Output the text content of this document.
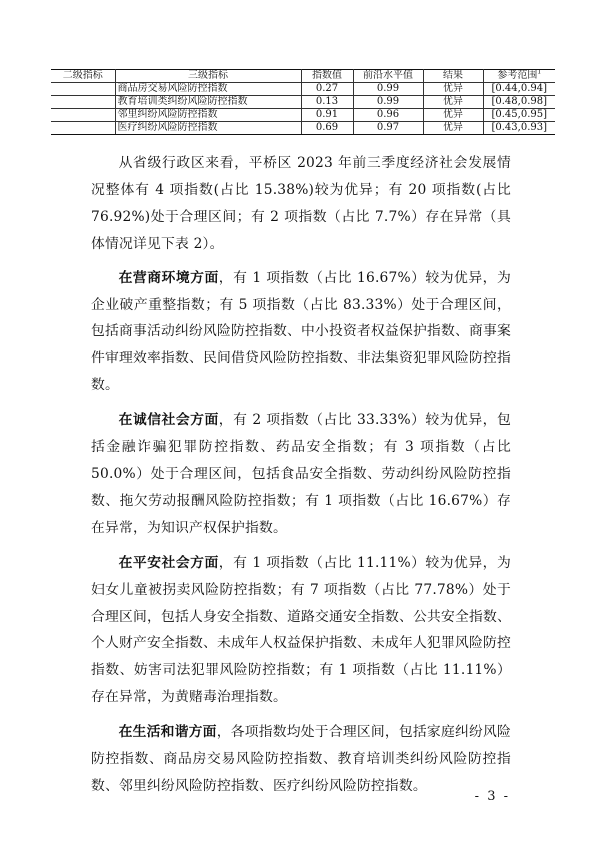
二级指标	三级指标	指数值	前沿水平值	结果	参考范围$^1$
	商品房交易风险防控指数	0.27	0.99	优异	[0.44,0.94]
	教育培训类纠纷风险防控指数	0.13	0.99	优异	[0.48,0.98]
	邻里纠纷风险防控指数	0.91	0.96	优异	[0.45,0.95]
	医疗纠纷风险防控指数	0.69	0.97	优异	[0.43,0.93]

从省级行政区来看，平桥区 2023 年前三季度经济社会发展情况整体有 4 项指数(占比 15.38%)较为优异；有 20 项指数(占比 76.92%)处于合理区间；有 2 项指数（占比 7.7%）存在异常（具体情况详见下表 2）。

在营商环境方面，有 1 项指数（占比 16.67%）较为优异，为企业破产重整指数；有 5 项指数（占比 83.33%）处于合理区间，包括商事活动纠纷风险防控指数、中小投资者权益保护指数、商事案件审理效率指数、民间借贷风险防控指数、非法集资犯罪风险防控指数。

在诚信社会方面，有 2 项指数（占比 33.33%）较为优异，包括金融诈骗犯罪防控指数、药品安全指数；有 3 项指数（占比 50.0%）处于合理区间，包括食品安全指数、劳动纠纷风险防控指数、拖欠劳动报酬风险防控指数；有 1 项指数（占比 16.67%）存在异常，为知识产权保护指数。

在平安社会方面，有 1 项指数（占比 11.11%）较为优异，为妇女儿童被拐卖风险防控指数；有 7 项指数（占比 77.78%）处于合理区间，包括人身安全指数、道路交通安全指数、公共安全指数、个人财产安全指数、未成年人权益保护指数、未成年人犯罪风险防控指数、妨害司法犯罪风险防控指数；有 1 项指数（占比 11.11%）存在异常，为黄赌毒治理指数。

在生活和谐方面，各项指数均处于合理区间，包括家庭纠纷风险防控指数、商品房交易风险防控指数、教育培训类纠纷风险防控指数、邻里纠纷风险防控指数、医疗纠纷风险防控指数。

- 3 -
